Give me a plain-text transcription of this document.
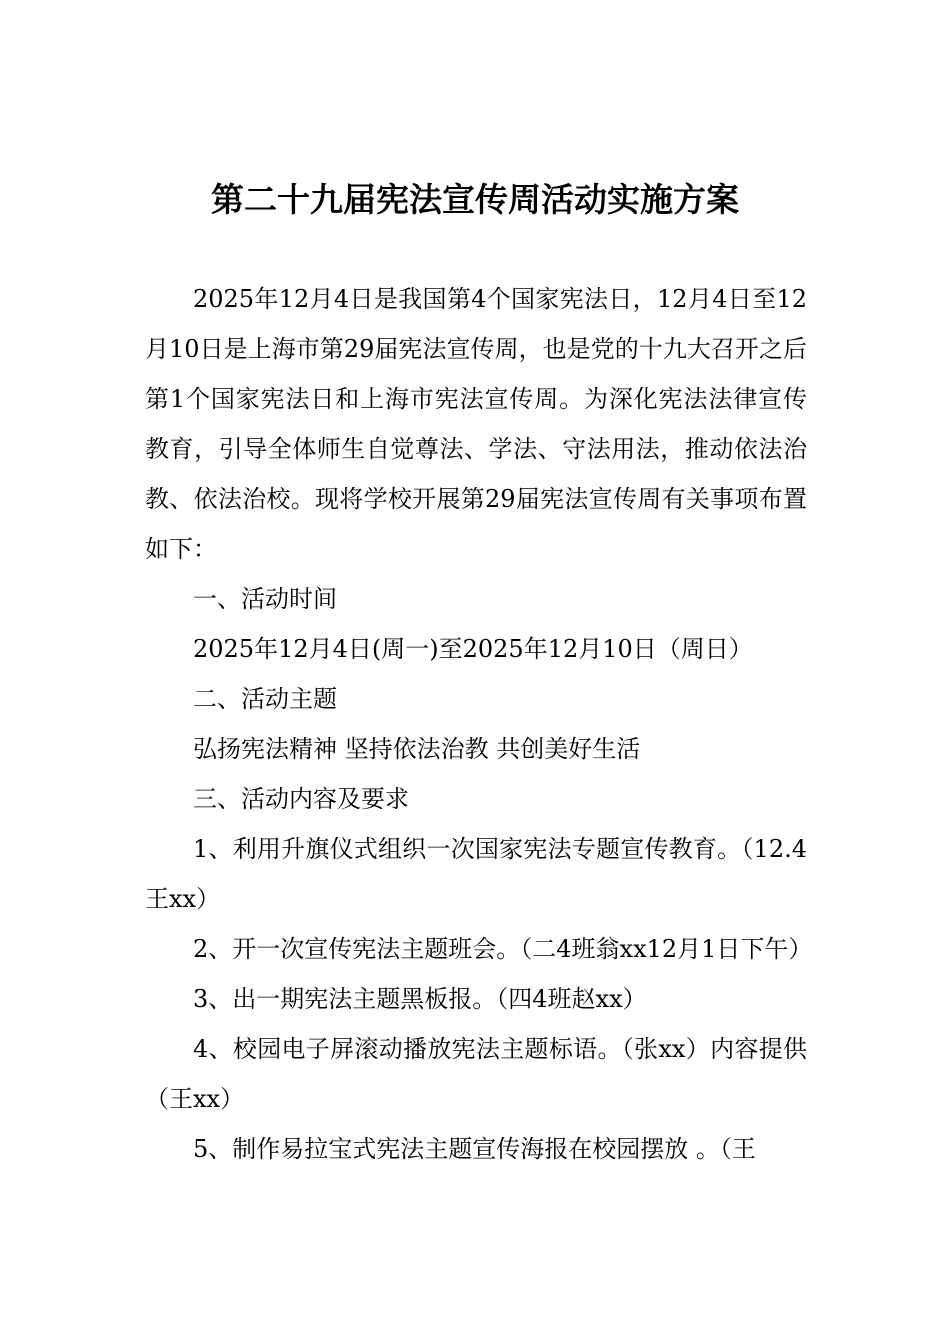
第二十九届宪法宣传周活动实施方案

2025年12月4日是我国第4个国家宪法日，12月4日至12月10日是上海市第29届宪法宣传周，也是党的十九大召开之后第1个国家宪法日和上海市宪法宣传周。为深化宪法法律宣传教育，引导全体师生自觉尊法、学法、守法用法，推动依法治教、依法治校。现将学校开展第29届宪法宣传周有关事项布置如下：

一、活动时间

2025年12月4日(周一)至2025年12月10日（周日）

二、活动主题

弘扬宪法精神 坚持依法治教 共创美好生活

三、活动内容及要求

1、利用升旗仪式组织一次国家宪法专题宣传教育。（12.4王xx）

2、开一次宣传宪法主题班会。（二4班翁xx12月1日下午）

3、出一期宪法主题黑板报。（四4班赵xx）

4、校园电子屏滚动播放宪法主题标语。（张xx）内容提供（王xx）

5、制作易拉宝式宪法主题宣传海报在校园摆放 。（王
